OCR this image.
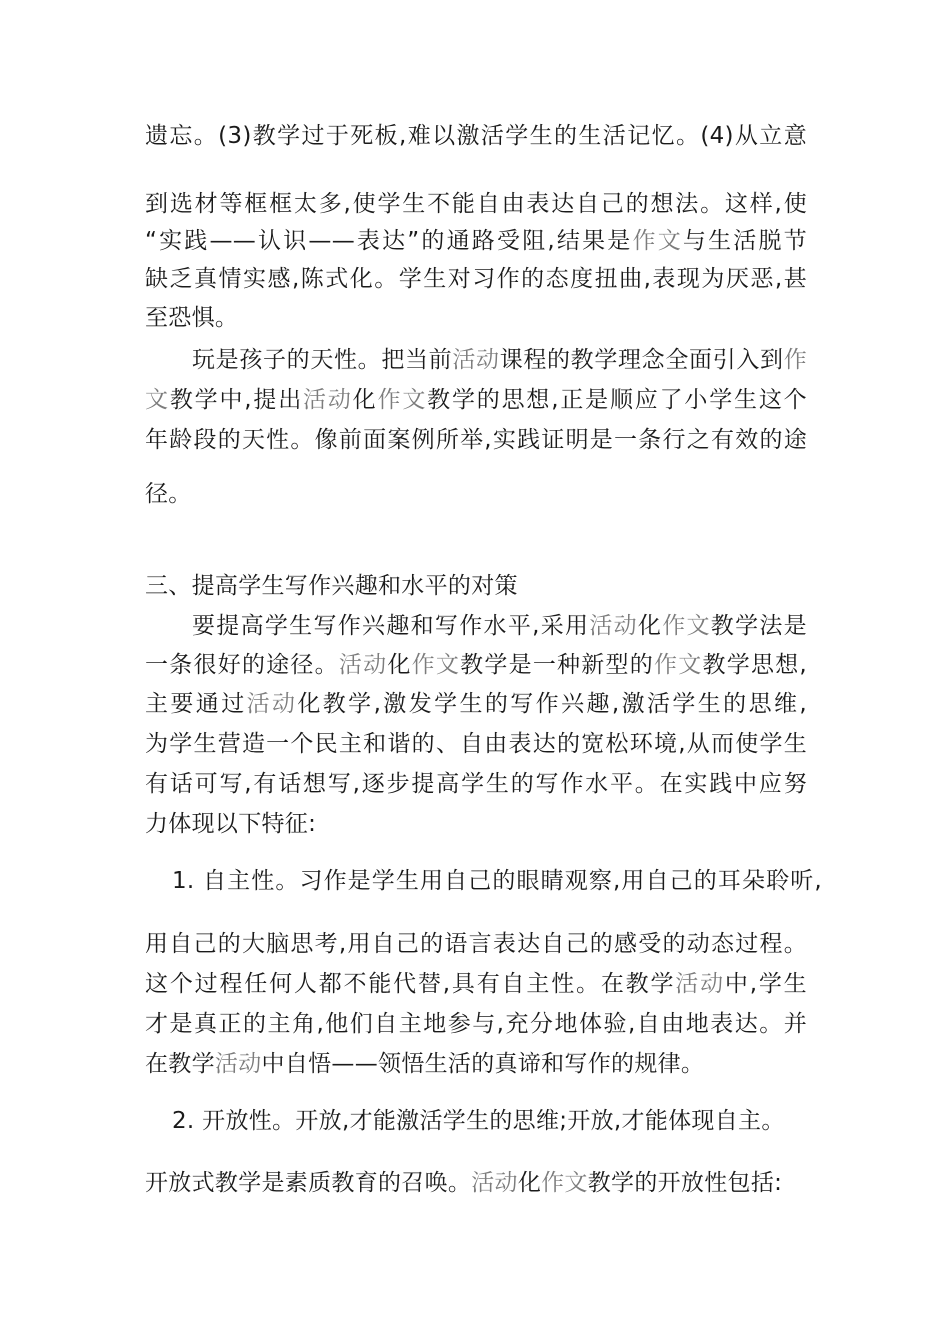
遗忘。(3)教学过于死板,难以激活学生的生活记忆。(4)从立意
到选材等框框太多,使学生不能自由表达自己的想法。这样,使
“实践——认识——表达”的通路受阻,结果是作文与生活脱节
缺乏真情实感,陈式化。学生对习作的态度扭曲,表现为厌恶,甚
至恐惧。
玩是孩子的天性。把当前活动课程的教学理念全面引入到作
文教学中,提出活动化作文教学的思想,正是顺应了小学生这个
年龄段的天性。像前面案例所举,实践证明是一条行之有效的途
径。
三、提高学生写作兴趣和水平的对策
要提高学生写作兴趣和写作水平,采用活动化作文教学法是
一条很好的途径。活动化作文教学是一种新型的作文教学思想,
主要通过活动化教学,激发学生的写作兴趣,激活学生的思维,
为学生营造一个民主和谐的、自由表达的宽松环境,从而使学生
有话可写,有话想写,逐步提高学生的写作水平。在实践中应努
力体现以下特征:
1. 自主性。习作是学生用自己的眼睛观察,用自己的耳朵聆听,
用自己的大脑思考,用自己的语言表达自己的感受的动态过程。
这个过程任何人都不能代替,具有自主性。在教学活动中,学生
才是真正的主角,他们自主地参与,充分地体验,自由地表达。并
在教学活动中自悟——领悟生活的真谛和写作的规律。
2. 开放性。开放,才能激活学生的思维;开放,才能体现自主。
开放式教学是素质教育的召唤。活动化作文教学的开放性包括:
